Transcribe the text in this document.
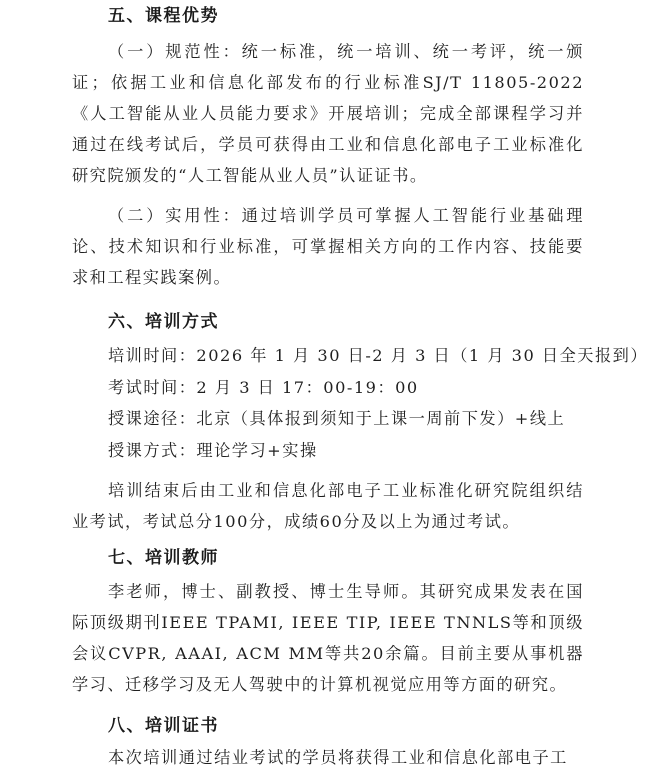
五、课程优势

（一）规范性：统一标准，统一培训、统一考评，统一颁证；依据工业和信息化部发布的行业标准SJ/T 11805-2022《人工智能从业人员能力要求》开展培训；完成全部课程学习并通过在线考试后，学员可获得由工业和信息化部电子工业标准化研究院颁发的“人工智能从业人员”认证证书。

（二）实用性：通过培训学员可掌握人工智能行业基础理论、技术知识和行业标准，可掌握相关方向的工作内容、技能要求和工程实践案例。

六、培训方式

培训时间：2026 年 1 月 30 日-2 月 3 日（1 月 30 日全天报到）

考试时间：2 月 3 日 17：00-19：00

授课途径：北京（具体报到须知于上课一周前下发）+线上

授课方式：理论学习+实操

培训结束后由工业和信息化部电子工业标准化研究院组织结业考试，考试总分100分，成绩60分及以上为通过考试。

七、培训教师

李老师，博士、副教授、博士生导师。其研究成果发表在国际顶级期刊IEEE TPAMI, IEEE TIP, IEEE TNNLS等和顶级会议CVPR, AAAI, ACM MM等共20余篇。目前主要从事机器学习、迁移学习及无人驾驶中的计算机视觉应用等方面的研究。

八、培训证书

本次培训通过结业考试的学员将获得工业和信息化部电子工
